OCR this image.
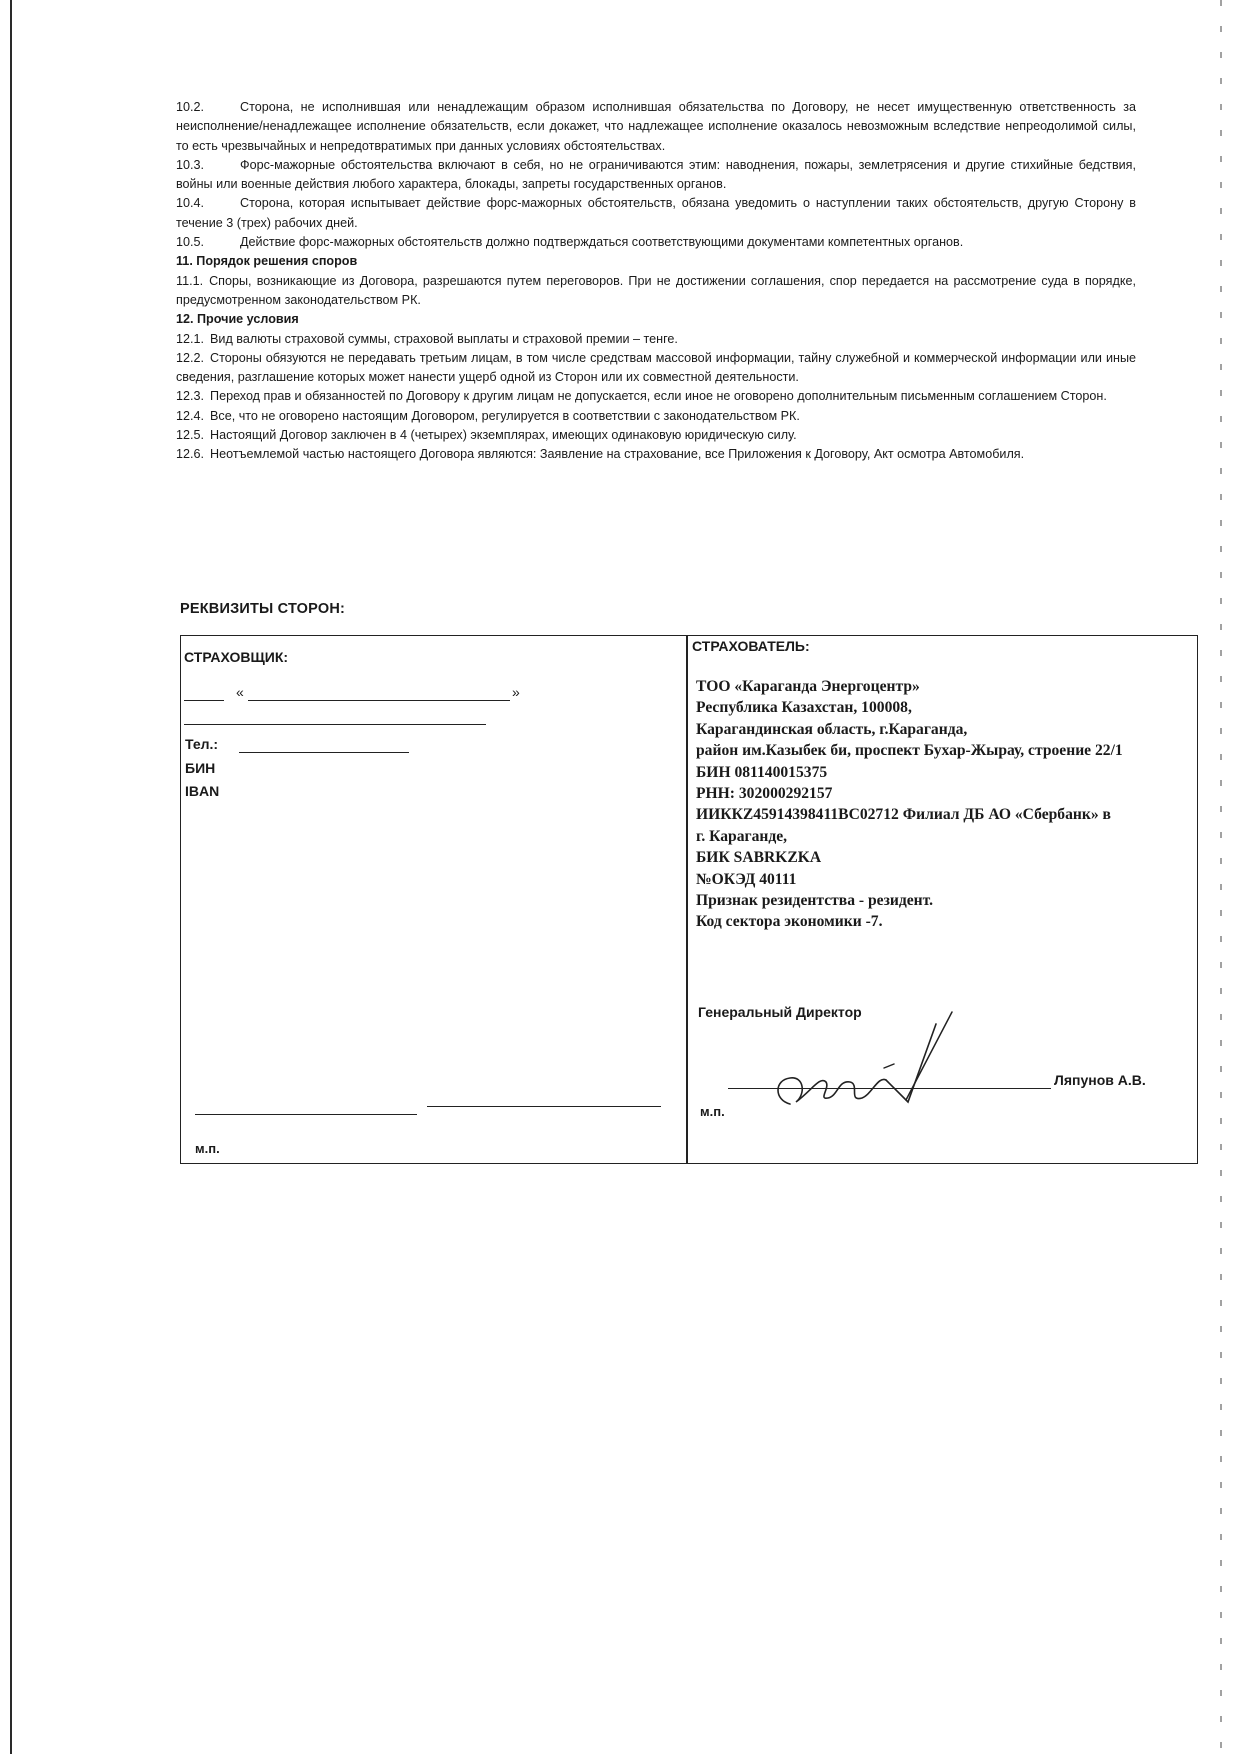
10.2.	Сторона, не исполнившая или ненадлежащим образом исполнившая обязательства по Договору, не несет имущественную ответственность за неисполнение/ненадлежащее исполнение обязательств, если докажет, что надлежащее исполнение оказалось невозможным вследствие непреодолимой силы, то есть чрезвычайных и непредотвратимых при данных условиях обстоятельствах.

10.3.	Форс-мажорные обстоятельства включают в себя, но не ограничиваются этим: наводнения, пожары, землетрясения и другие стихийные бедствия, войны или военные действия любого характера, блокады, запреты государственных органов.

10.4.	Сторона, которая испытывает действие форс-мажорных обстоятельств, обязана уведомить о наступлении таких обстоятельств, другую Сторону в течение 3 (трех) рабочих дней.

10.5.	Действие форс-мажорных обстоятельств должно подтверждаться соответствующими документами компетентных органов.

11. Порядок решения споров

11.1. Споры, возникающие из Договора, разрешаются путем переговоров. При не достижении соглашения, спор передается на рассмотрение суда в порядке, предусмотренном законодательством РК.

12. Прочие условия

12.1. Вид валюты страховой суммы, страховой выплаты и страховой премии – тенге.

12.2. Стороны обязуются не передавать третьим лицам, в том числе средствам массовой информации, тайну служебной и коммерческой информации или иные сведения, разглашение которых может нанести ущерб одной из Сторон или их совместной деятельности.

12.3. Переход прав и обязанностей по Договору к другим лицам не допускается, если иное не оговорено дополнительным письменным соглашением Сторон.

12.4. Все, что не оговорено настоящим Договором, регулируется в соответствии с законодательством РК.

12.5. Настоящий Договор заключен в 4 (четырех) экземплярах, имеющих одинаковую юридическую силу.

12.6. Неотъемлемой частью настоящего Договора являются: Заявление на страхование, все Приложения к Договору, Акт осмотра Автомобиля.

РЕКВИЗИТЫ СТОРОН:
СТРАХОВЩИК:
«	»
Тел.:
БИН
IBAN
м.п.
СТРАХОВАТЕЛЬ:
ТОО «Караганда Энергоцентр»
Республика Казахстан, 100008,
Карагандинская область, г.Караганда,
район им.Казыбек би, проспект Бухар-Жырау, строение 22/1
БИН 081140015375
РНН: 302000292157
ИИККZ45914398411BC02712 Филиал ДБ АО «Сбербанк» в
г. Караганде,
БИК SABRKZKA
№ОКЭД 40111
Признак резидентства - резидент.
Код сектора экономики -7.
Генеральный Директор
Ляпунов А.В.
м.п.
